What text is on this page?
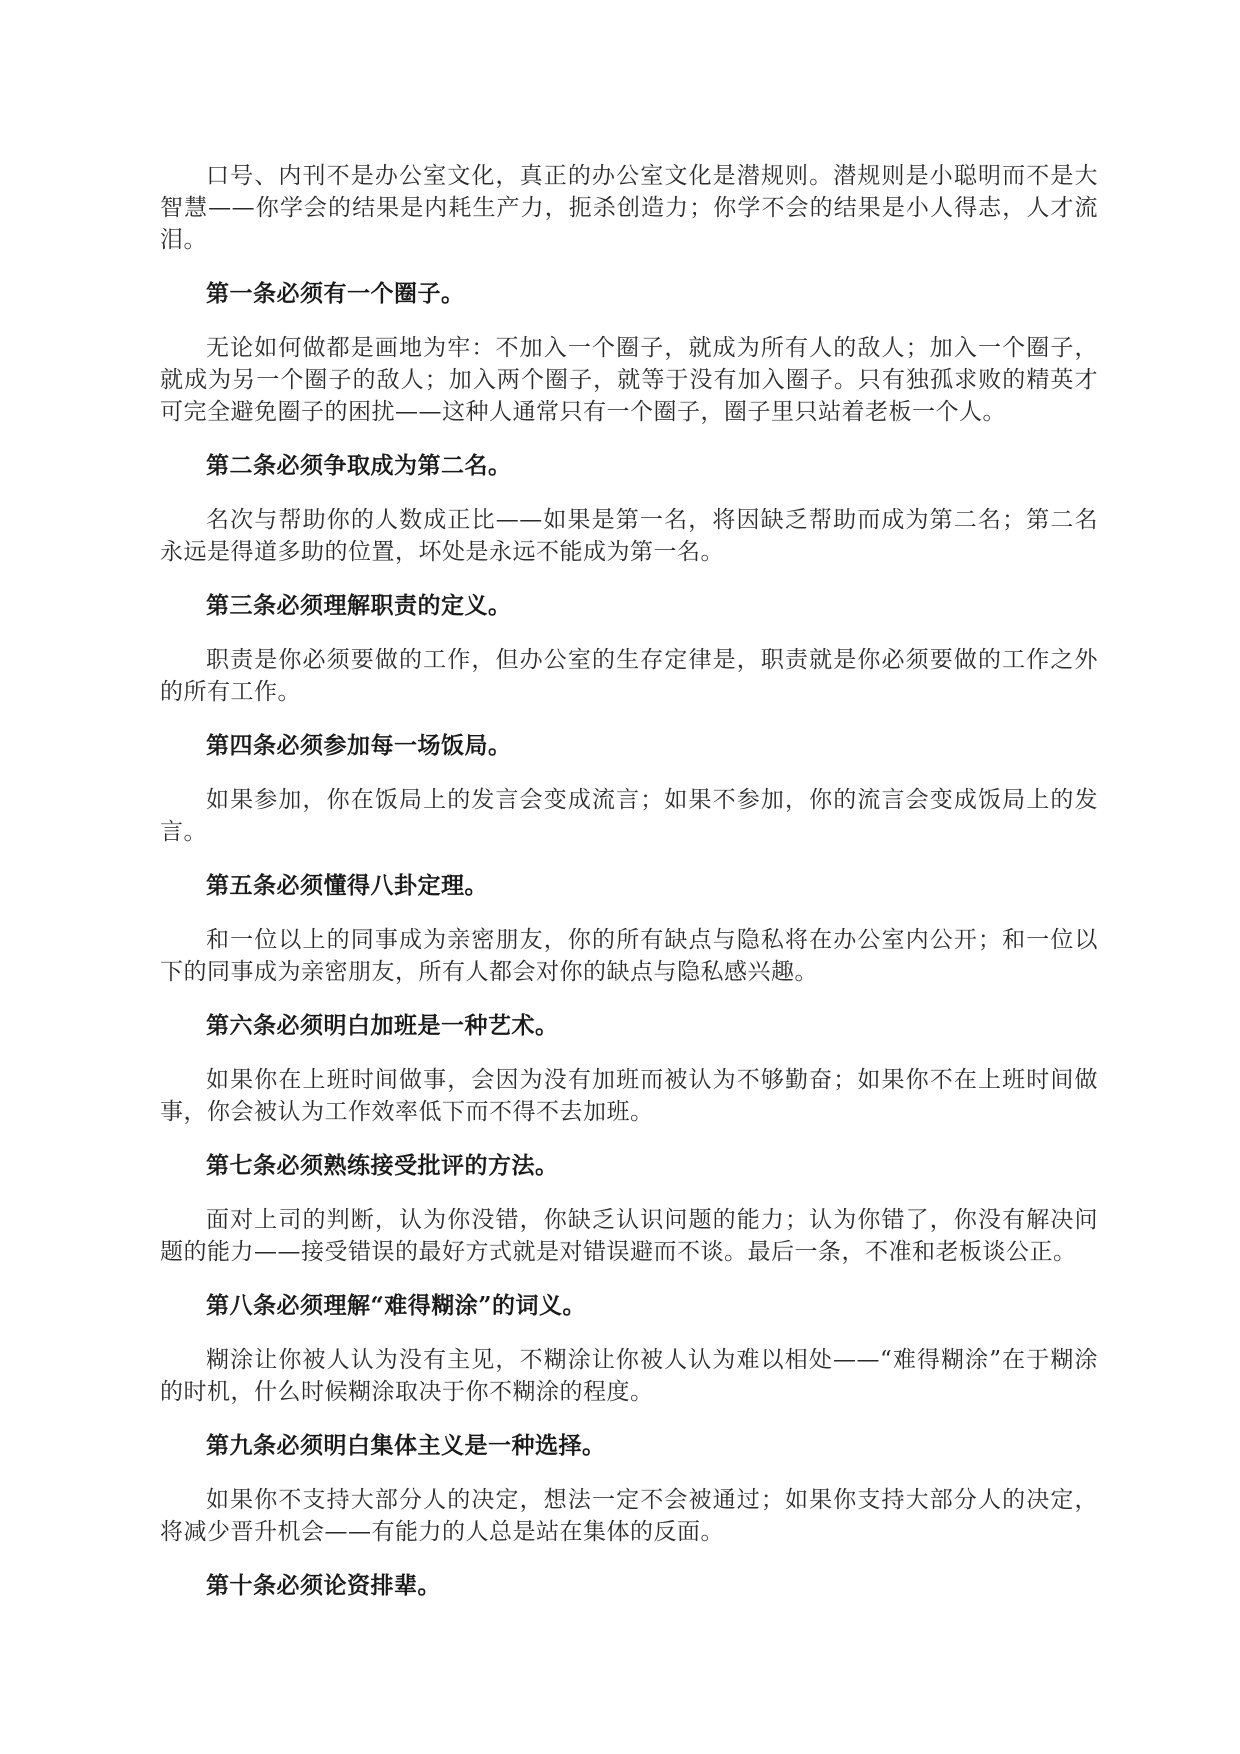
口号、内刊不是办公室文化，真正的办公室文化是潜规则。潜规则是小聪明而不是大智慧——你学会的结果是内耗生产力，扼杀创造力；你学不会的结果是小人得志，人才流泪。

第一条必须有一个圈子。

无论如何做都是画地为牢：不加入一个圈子，就成为所有人的敌人；加入一个圈子，就成为另一个圈子的敌人；加入两个圈子，就等于没有加入圈子。只有独孤求败的精英才可完全避免圈子的困扰——这种人通常只有一个圈子，圈子里只站着老板一个人。

第二条必须争取成为第二名。

名次与帮助你的人数成正比——如果是第一名，将因缺乏帮助而成为第二名；第二名永远是得道多助的位置，坏处是永远不能成为第一名。

第三条必须理解职责的定义。

职责是你必须要做的工作，但办公室的生存定律是，职责就是你必须要做的工作之外的所有工作。

第四条必须参加每一场饭局。

如果参加，你在饭局上的发言会变成流言；如果不参加，你的流言会变成饭局上的发言。

第五条必须懂得八卦定理。

和一位以上的同事成为亲密朋友，你的所有缺点与隐私将在办公室内公开；和一位以下的同事成为亲密朋友，所有人都会对你的缺点与隐私感兴趣。

第六条必须明白加班是一种艺术。

如果你在上班时间做事，会因为没有加班而被认为不够勤奋；如果你不在上班时间做事，你会被认为工作效率低下而不得不去加班。

第七条必须熟练接受批评的方法。

面对上司的判断，认为你没错，你缺乏认识问题的能力；认为你错了，你没有解决问题的能力——接受错误的最好方式就是对错误避而不谈。最后一条，不准和老板谈公正。

第八条必须理解“难得糊涂”的词义。

糊涂让你被人认为没有主见，不糊涂让你被人认为难以相处——“难得糊涂”在于糊涂的时机，什么时候糊涂取决于你不糊涂的程度。

第九条必须明白集体主义是一种选择。

如果你不支持大部分人的决定，想法一定不会被通过；如果你支持大部分人的决定，将减少晋升机会——有能力的人总是站在集体的反面。

第十条必须论资排辈。
